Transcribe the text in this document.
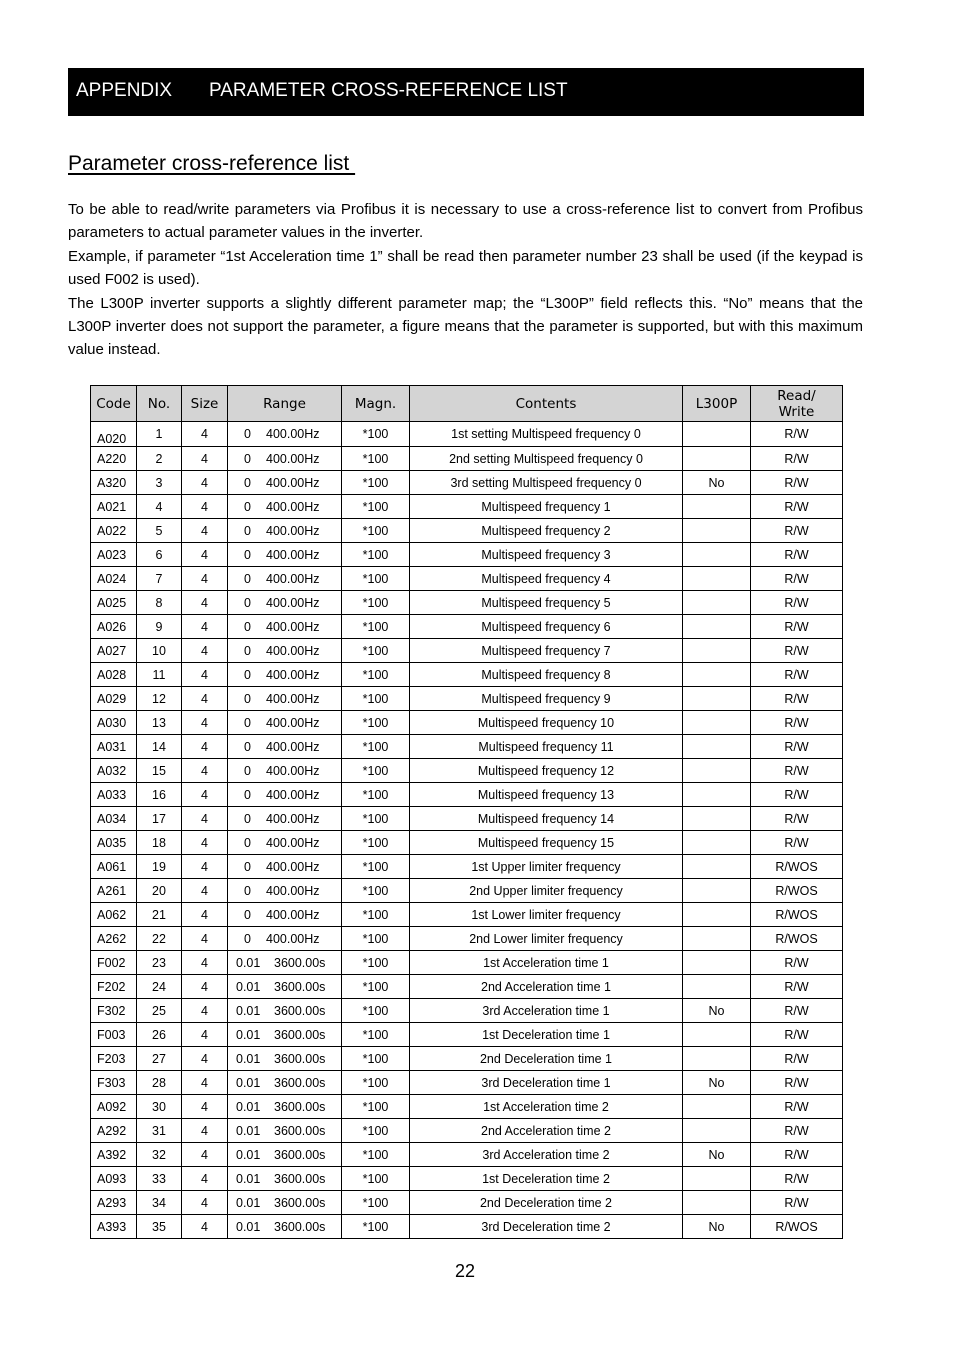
APPENDIX PARAMETER CROSS-REFERENCE LIST
Parameter cross-reference list

To be able to read/write parameters via Profibus it is necessary to use a cross-reference list to convert from Profibus parameters to actual parameter values in the inverter.

Example, if parameter “1st Acceleration time 1” shall be read then parameter number 23 shall be used (if the keypad is used F002 is used).

The L300P inverter supports a slightly different parameter map; the “L300P” field reflects this. “No” means that the L300P inverter does not support the parameter, a figure means that the parameter is supported, but with this maximum value instead.

Code	No.	Size	Range	Magn.	Contents	L300P	Read/
Write
A020	1	4	0 400.00Hz	*100	1st setting Multispeed frequency 0		R/W
A220	2	4	0 400.00Hz	*100	2nd setting Multispeed frequency 0		R/W
A320	3	4	0 400.00Hz	*100	3rd setting Multispeed frequency 0	No	R/W
A021	4	4	0 400.00Hz	*100	Multispeed frequency 1		R/W
A022	5	4	0 400.00Hz	*100	Multispeed frequency 2		R/W
A023	6	4	0 400.00Hz	*100	Multispeed frequency 3		R/W
A024	7	4	0 400.00Hz	*100	Multispeed frequency 4		R/W
A025	8	4	0 400.00Hz	*100	Multispeed frequency 5		R/W
A026	9	4	0 400.00Hz	*100	Multispeed frequency 6		R/W
A027	10	4	0 400.00Hz	*100	Multispeed frequency 7		R/W
A028	11	4	0 400.00Hz	*100	Multispeed frequency 8		R/W
A029	12	4	0 400.00Hz	*100	Multispeed frequency 9		R/W
A030	13	4	0 400.00Hz	*100	Multispeed frequency 10		R/W
A031	14	4	0 400.00Hz	*100	Multispeed frequency 11		R/W
A032	15	4	0 400.00Hz	*100	Multispeed frequency 12		R/W
A033	16	4	0 400.00Hz	*100	Multispeed frequency 13		R/W
A034	17	4	0 400.00Hz	*100	Multispeed frequency 14		R/W
A035	18	4	0 400.00Hz	*100	Multispeed frequency 15		R/W
A061	19	4	0 400.00Hz	*100	1st Upper limiter frequency		R/WOS
A261	20	4	0 400.00Hz	*100	2nd Upper limiter frequency		R/WOS
A062	21	4	0 400.00Hz	*100	1st Lower limiter frequency		R/WOS
A262	22	4	0 400.00Hz	*100	2nd Lower limiter frequency		R/WOS
F002	23	4	0.01 3600.00s	*100	1st Acceleration time 1		R/W
F202	24	4	0.01 3600.00s	*100	2nd Acceleration time 1		R/W
F302	25	4	0.01 3600.00s	*100	3rd Acceleration time 1	No	R/W
F003	26	4	0.01 3600.00s	*100	1st Deceleration time 1		R/W
F203	27	4	0.01 3600.00s	*100	2nd Deceleration time 1		R/W
F303	28	4	0.01 3600.00s	*100	3rd Deceleration time 1	No	R/W
A092	30	4	0.01 3600.00s	*100	1st Acceleration time 2		R/W
A292	31	4	0.01 3600.00s	*100	2nd Acceleration time 2		R/W
A392	32	4	0.01 3600.00s	*100	3rd Acceleration time 2	No	R/W
A093	33	4	0.01 3600.00s	*100	1st Deceleration time 2		R/W
A293	34	4	0.01 3600.00s	*100	2nd Deceleration time 2		R/W
A393	35	4	0.01 3600.00s	*100	3rd Deceleration time 2	No	R/WOS
22
